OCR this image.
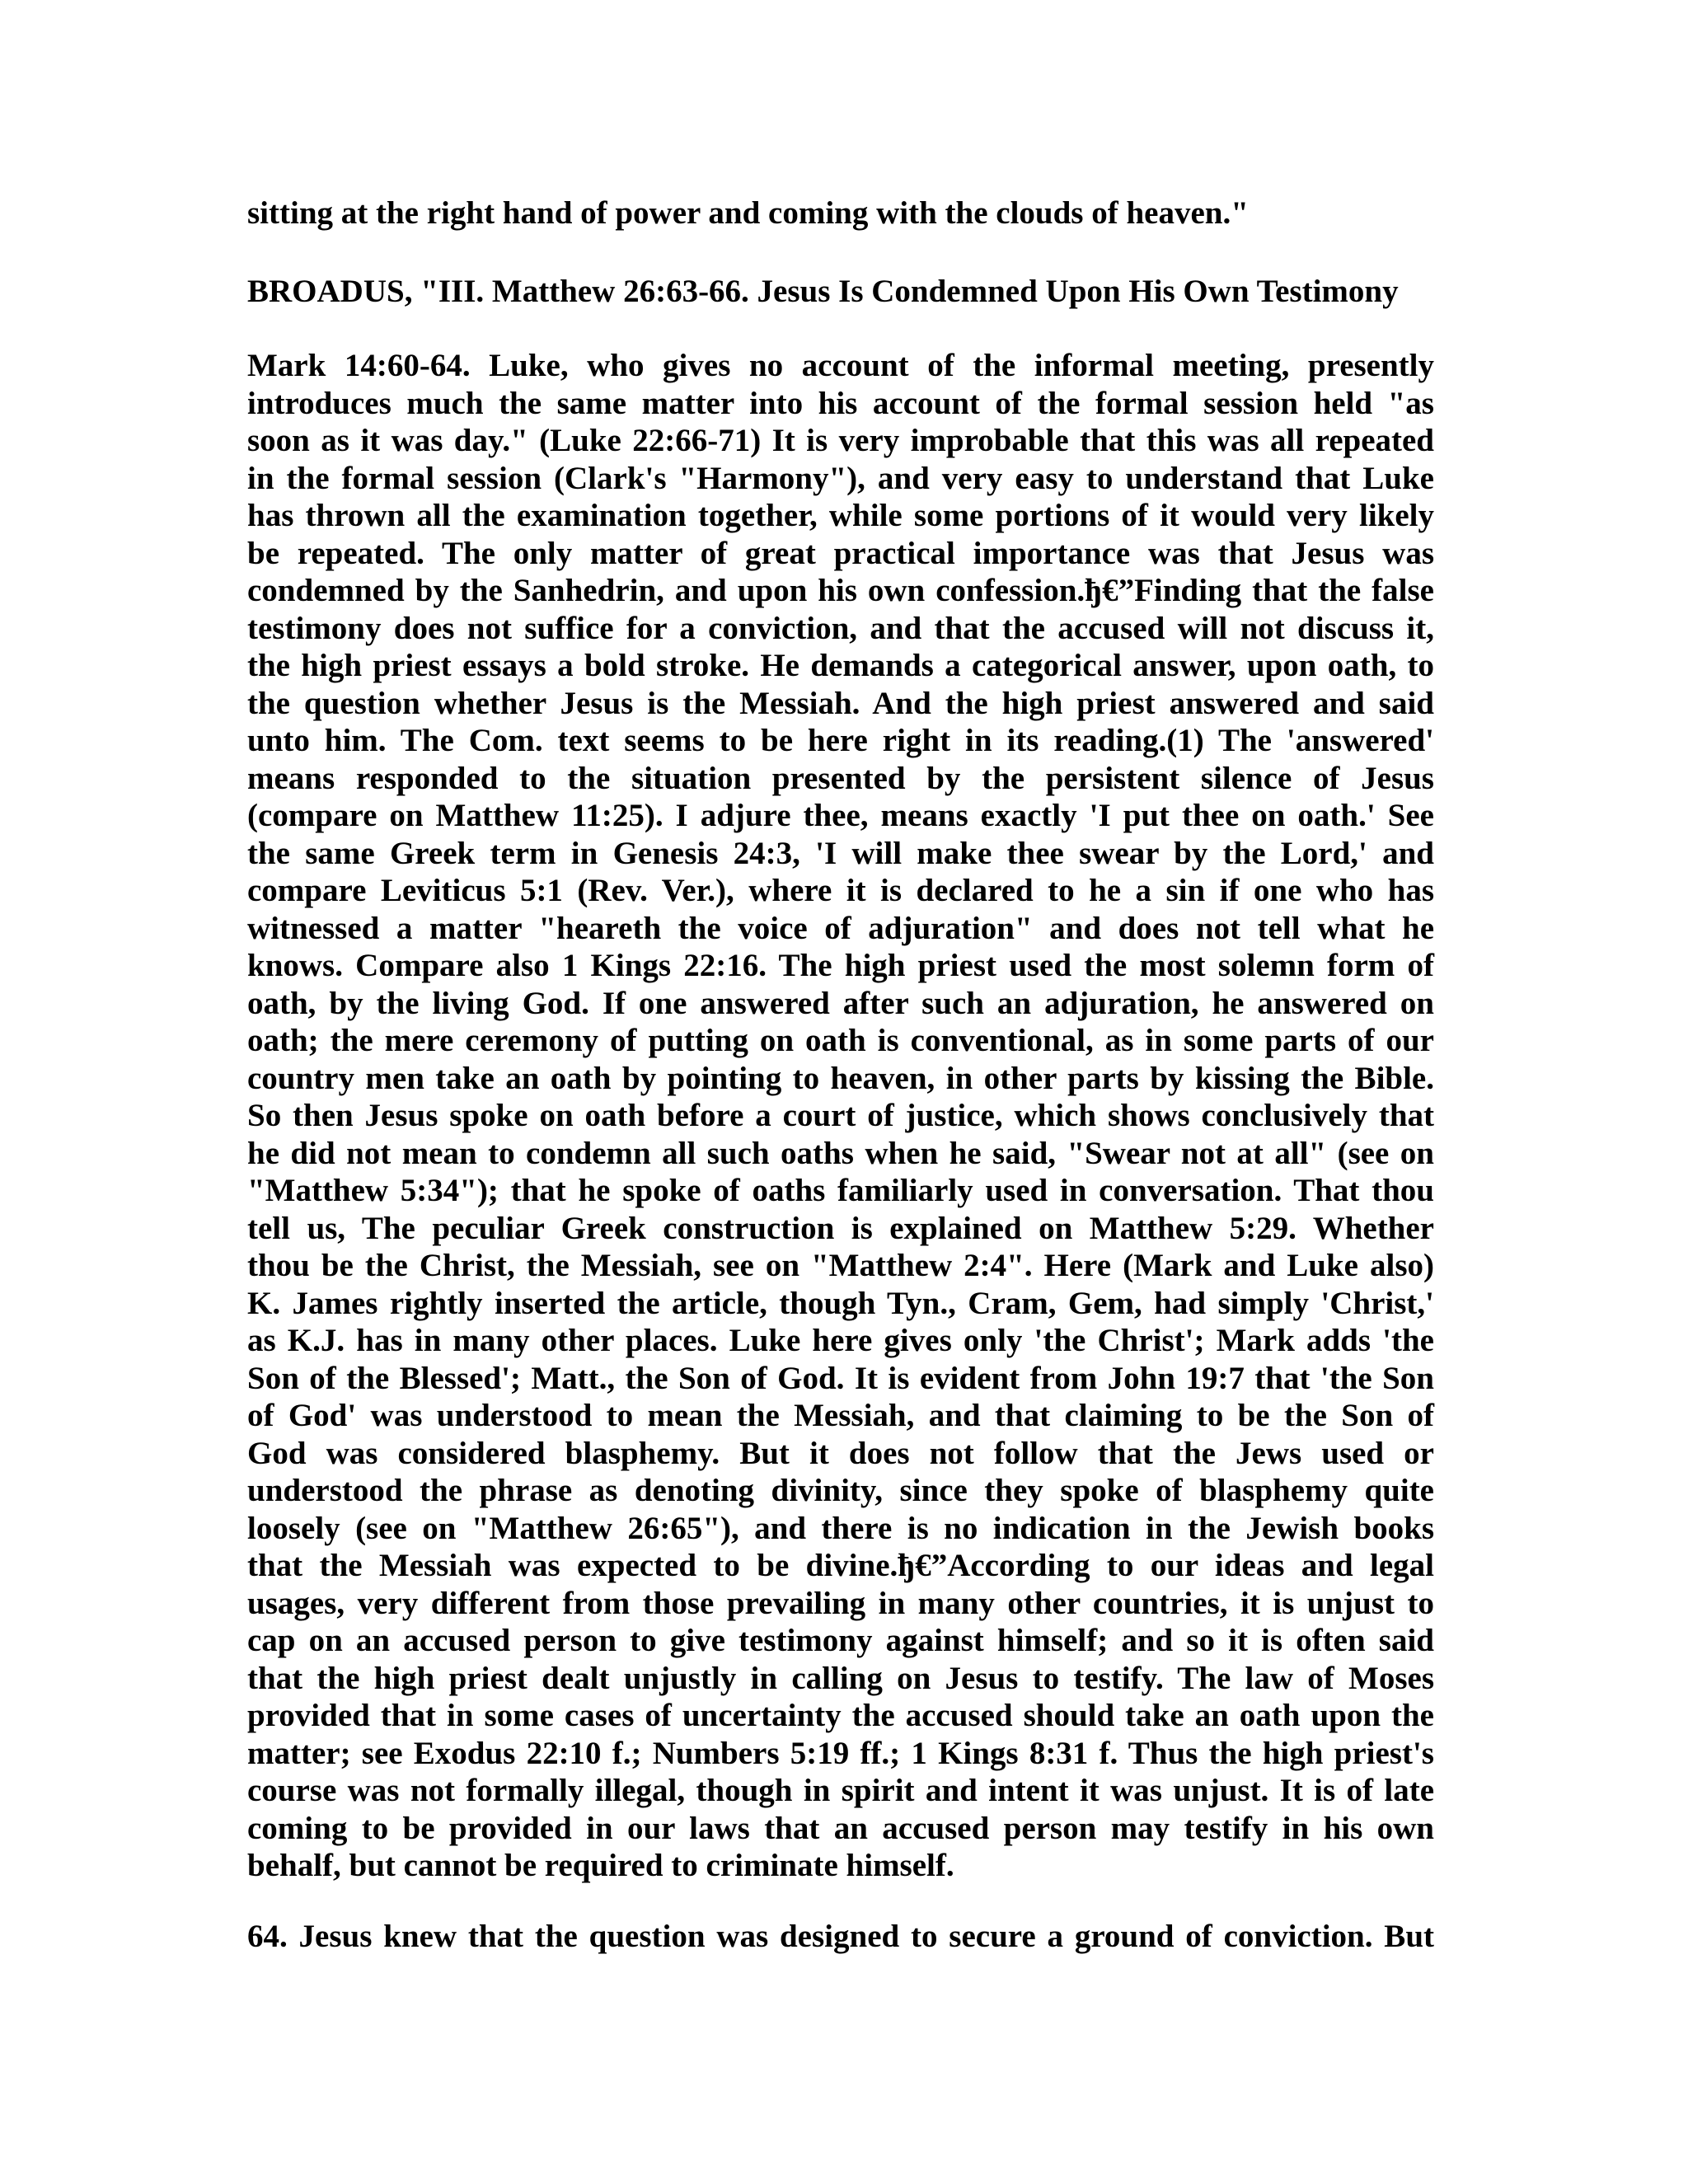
sitting at the right hand of power and coming with the clouds of heaven."
BROADUS, "III. Matthew 26:63-66. Jesus Is Condemned Upon His Own Testimony
Mark 14:60-64. Luke, who gives no account of the informal meeting, presently
introduces much the same matter into his account of the formal session held "as
soon as it was day." (Luke 22:66-71) It is very improbable that this was all repeated
in the formal session (Clark's "Harmony"), and very easy to understand that Luke
has thrown all the examination together, while some portions of it would very likely
be repeated. The only matter of great practical importance was that Jesus was
condemned by the Sanhedrin, and upon his own confession.ђ€”Finding that the false
testimony does not suffice for a conviction, and that the accused will not discuss it,
the high priest essays a bold stroke. He demands a categorical answer, upon oath, to
the question whether Jesus is the Messiah. And the high priest answered and said
unto him. The Com. text seems to be here right in its reading.(1) The 'answered'
means responded to the situation presented by the persistent silence of Jesus
(compare on Matthew 11:25). I adjure thee, means exactly 'I put thee on oath.' See
the same Greek term in Genesis 24:3, 'I will make thee swear by the Lord,' and
compare Leviticus 5:1 (Rev. Ver.), where it is declared to he a sin if one who has
witnessed a matter "heareth the voice of adjuration" and does not tell what he
knows. Compare also 1 Kings 22:16. The high priest used the most solemn form of
oath, by the living God. If one answered after such an adjuration, he answered on
oath; the mere ceremony of putting on oath is conventional, as in some parts of our
country men take an oath by pointing to heaven, in other parts by kissing the Bible.
So then Jesus spoke on oath before a court of justice, which shows conclusively that
he did not mean to condemn all such oaths when he said, "Swear not at all" (see on
"Matthew 5:34"); that he spoke of oaths familiarly used in conversation. That thou
tell us, The peculiar Greek construction is explained on Matthew 5:29. Whether
thou be the Christ, the Messiah, see on "Matthew 2:4". Here (Mark and Luke also)
K. James rightly inserted the article, though Tyn., Cram, Gem, had simply 'Christ,'
as K.J. has in many other places. Luke here gives only 'the Christ'; Mark adds 'the
Son of the Blessed'; Matt., the Son of God. It is evident from John 19:7 that 'the Son
of God' was understood to mean the Messiah, and that claiming to be the Son of
God was considered blasphemy. But it does not follow that the Jews used or
understood the phrase as denoting divinity, since they spoke of blasphemy quite
loosely (see on "Matthew 26:65"), and there is no indication in the Jewish books
that the Messiah was expected to be divine.ђ€”According to our ideas and legal
usages, very different from those prevailing in many other countries, it is unjust to
cap on an accused person to give testimony against himself; and so it is often said
that the high priest dealt unjustly in calling on Jesus to testify. The law of Moses
provided that in some cases of uncertainty the accused should take an oath upon the
matter; see Exodus 22:10 f.; Numbers 5:19 ff.; 1 Kings 8:31 f. Thus the high priest's
course was not formally illegal, though in spirit and intent it was unjust. It is of late
coming to be provided in our laws that an accused person may testify in his own
behalf, but cannot be required to criminate himself.
64. Jesus knew that the question was designed to secure a ground of conviction. But
